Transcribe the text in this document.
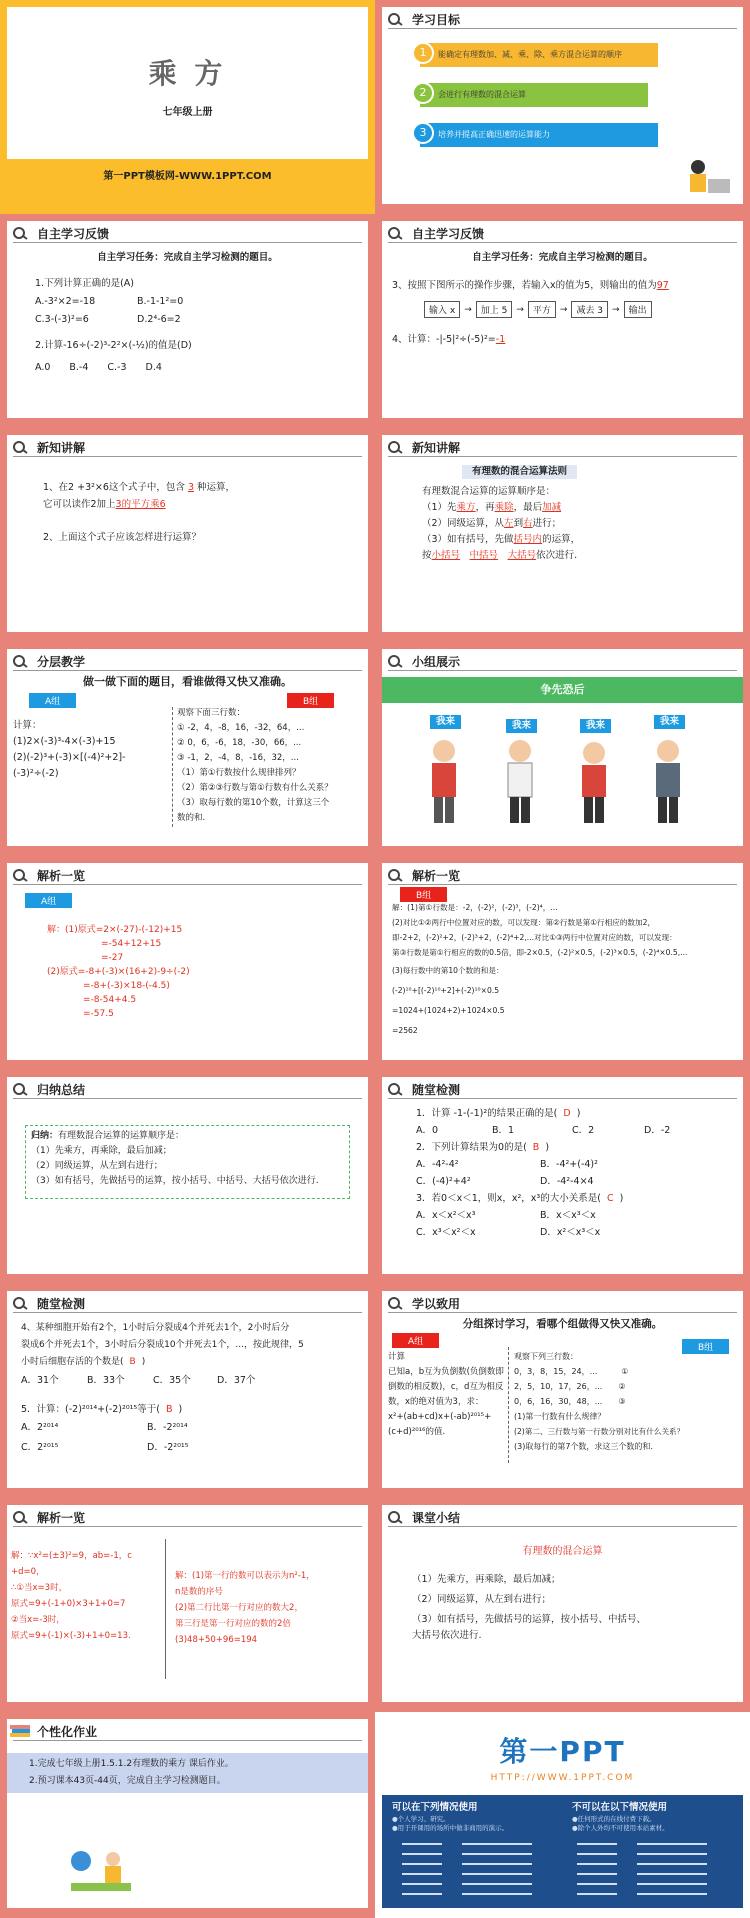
乘 方
七年级上册
第一PPT模板网-WWW.1PPT.COM
学习目标
1
2
3
能确定有理数加、减、乘、除、乘方混合运算的顺序
会进行有理数的混合运算
培养并提高正确迅速的运算能力
自主学习反馈
自主学习任务：完成自主学习检测的题目。
1.下列计算正确的是(A)
A.-3²×2=-18	B.-1-1²=0
C.3-(-3)²=6	D.2⁴-6=2
2.计算-16÷(-2)³-2²×(-½)的值是(D)
A.0　　B.-4　　C.-3　　D.4
自主学习反馈
自主学习任务：完成自主学习检测的题目。
3、按照下图所示的操作步骤，若输入x的值为5，则输出的值为97
输入 x	→	加上 5	→	平方	→	减去 3	→	输出
4、计算：-|-5|²÷(-5)²=-1
新知讲解
1、在2 +3²×6这个式子中，包含 3 种运算，
它可以读作2加上3的平方乘6
2、上面这个式子应该怎样进行运算？
新知讲解
有理数的混合运算法则
有理数混合运算的运算顺序是：
（1）先乘方，再乘除，最后加减
（2）同级运算，从左到右进行；
（3）如有括号，先做括号内的运算，
按小括号　 中括号　 大括号依次进行.
分层教学
做一做下面的题目，看谁做得又快又准确。
A组	B组
计算：
(1)2×(-3)³-4×(-3)+15
(2)(-2)³+(-3)×[(-4)²+2]-
(-3)²÷(-2)
观察下面三行数：
① -2，4，-8，16，-32，64，...
② 0，6，-6，18，-30，66，...
③ -1，2，-4，8，-16，32，...
（1）第①行数按什么规律排列？
（2）第②③行数与第①行数有什么关系？
（3）取每行数的第10个数，计算这三个
数的和.
小组展示
争先恐后
我来	我来	我来	我来
解析一览
A组
解：(1)原式=2×(-27)-(-12)+15
=-54+12+15
=-27
(2)原式=-8+(-3)×(16+2)-9÷(-2)
=-8+(-3)×18-(-4.5)
=-8-54+4.5
=-57.5
解析一览
B组
解：(1)第①行数是：-2，(-2)²，(-2)³，(-2)⁴，...
(2)对比①②两行中位置对应的数，可以发现：第②行数是第①行相应的数加2，
即-2+2，(-2)²+2，(-2)³+2，(-2)⁴+2,...对比①③两行中位置对应的数，可以发现：
第③行数是第①行相应的数的0.5倍，即-2×0.5，(-2)²×0.5，(-2)³×0.5，(-2)⁴×0.5,...
(3)每行数中的第10个数的和是：
(-2)¹⁰+[(-2)¹⁰+2]+(-2)¹⁰×0.5
=1024+(1024+2)+1024×0.5
=2562
归纳总结
归纳：有理数混合运算的运算顺序是：
（1）先乘方，再乘除，最后加减；
（2）同级运算，从左到右进行；
（3）如有括号，先做括号的运算，按小括号、中括号、大括号依次进行.
随堂检测
1．计算 -1-(-1)²的结果正确的是( D )
A．0	B．1	C．2	D．-2
2．下列计算结果为0的是( B )
A．-4²-4²	B．-4²+(-4)²
C．(-4)²+4²	D．-4²-4×4
3．若0＜x＜1，则x，x²，x³的大小关系是( C )
A．x＜x²＜x³	B．x＜x³＜x
C．x³＜x²＜x	D．x²＜x³＜x
随堂检测
4、某种细胞开始有2个，1小时后分裂成4个并死去1个，2小时后分
裂成6个并死去1个，3小时后分裂成10个并死去1个，...，按此规律，5
小时后细胞存活的个数是( B )
A．31个	B．33个	C．35个	D．37个
5．计算：(-2)²⁰¹⁴+(-2)²⁰¹⁵等于( B )
A．2²⁰¹⁴	B．-2²⁰¹⁴
C．2²⁰¹⁵	D．-2²⁰¹⁵
学以致用
分组探讨学习，看哪个组做得又快又准确。
A组
B组
计算
已知a，b互为负倒数(负倒数即
倒数的相反数)，c，d互为相反
数，x的绝对值为3，求：
x²+(ab+cd)x+(-ab)²⁰¹⁵+
(c+d)²⁰¹⁶的值.
观察下列三行数：
0，3，8，15，24，...　　　①
2，5，10，17，26，...　　②
0，6，16，30，48，...　　③
(1)第一行数有什么规律？
(2)第二、三行数与第一行数分别对比有什么关系？
(3)取每行的第7个数，求这三个数的和.
解析一览
解：∵x²=(±3)²=9，ab=-1，c
+d=0，
∴①当x=3时，
原式=9+(-1+0)×3+1+0=7
②当x=-3时，
原式=9+(-1)×(-3)+1+0=13.
解：(1)第一行的数可以表示为n²-1，
n是数的序号
(2)第二行比第一行对应的数大2，
第三行是第一行对应的数的2倍
(3)48+50+96=194
课堂小结
有理数的混合运算
（1）先乘方，再乘除，最后加减；
（2）同级运算，从左到右进行；
（3）如有括号，先做括号的运算，按小括号、中括号、
大括号依次进行.
个性化作业
1.完成七年级上册1.5.1.2有理数的乘方 课后作业。
2.预习课本43页-44页，完成自主学习检测题目。
第一PPT
HTTP://WWW.1PPT.COM
可以在下列情况使用	不可以在以下情况使用
●个人学习、研究。
●用于开课用的场所中做非商用的演示。
●任何形式的在线付费下载。
●除个人外均不可使用本站素材。
